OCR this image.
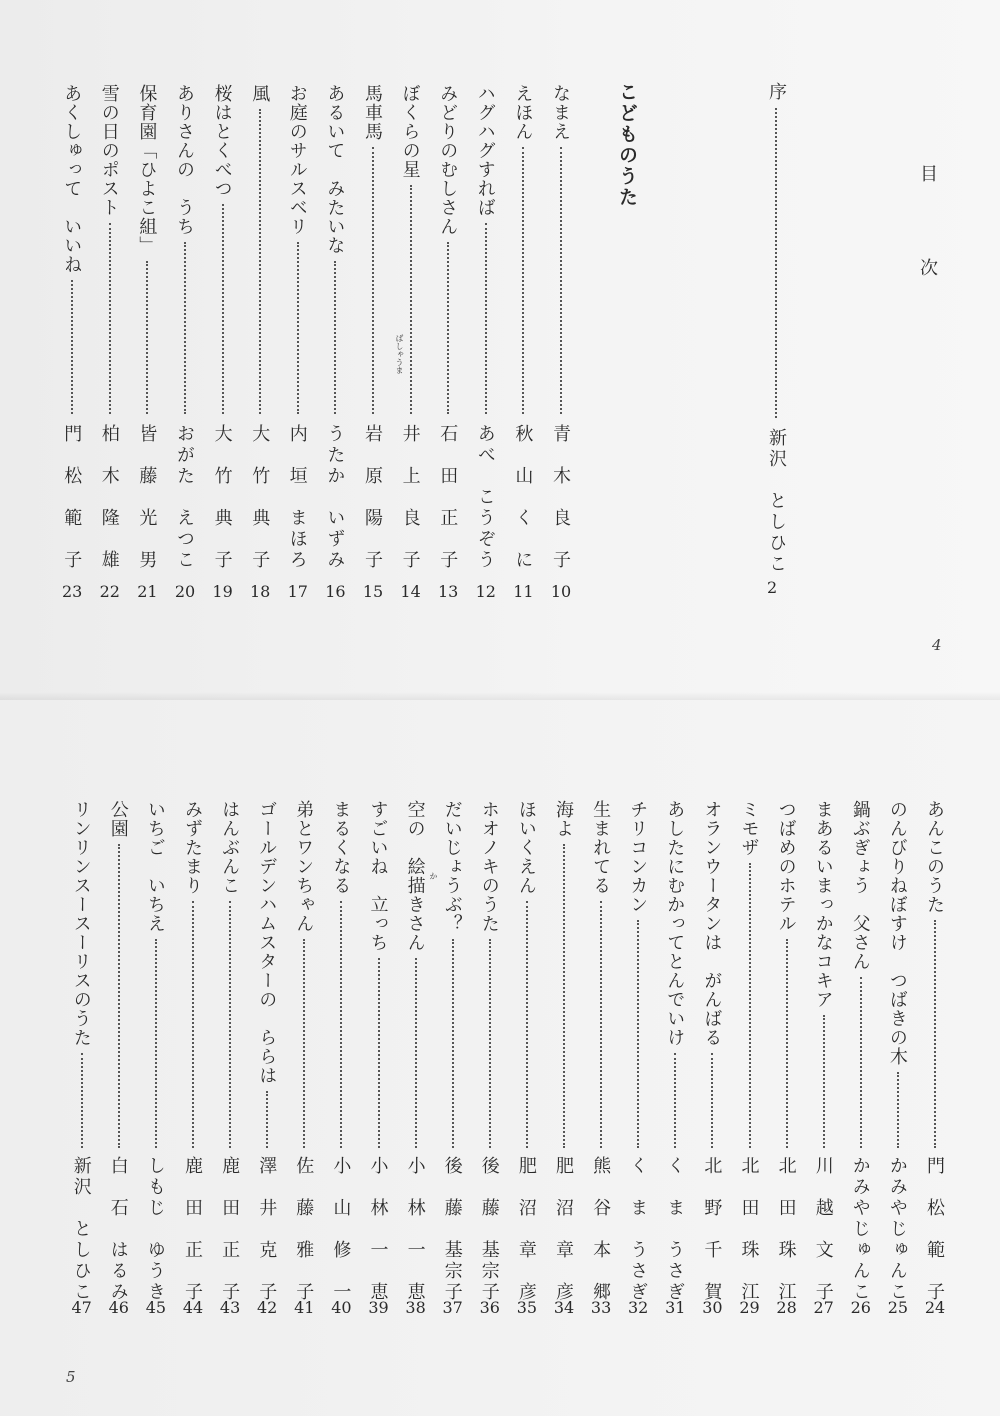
目
次
序
新沢　としひこ
2
こどものうた
なまえ
青　木　良　子
10
えほん
秋　山　く　に
11
ハグハグすれば
あべ　こうぞう
12
みどりのむしさん
石　田　正　子
13
ぼくらの星
井　上　良　子
14
馬車馬
岩　原　陽　子
15
あるいて　みたいな
うたか　いずみ
16
お庭のサルスベリ
内　垣　まほろ
17
風
大　竹　典　子
18
桜はとくべつ
大　竹　典　子
19
ありさんの　うち
おがた　えつこ
20
保育園「ひよこ組」
皆　藤　光　男
21
雪の日のポスト
柏　木　隆　雄
22
あくしゅって　いいね
門　松　範　子
23
ばしゃうま
4
あんこのうた
門　松　範　子
24
のんびりねぼすけ　つばきの木
かみやじゅんこ
25
鍋ぶぎょう　父さん
かみやじゅんこ
26
まあるいまっかなコキア
川　越　文　子
27
つばめのホテル
北　田　珠　江
28
ミモザ
北　田　珠　江
29
オランウータンは　がんばる
北　野　千　賀
30
あしたにむかってとんでいけ
く　ま　うさぎ
31
チリコンカン
く　ま　うさぎ
32
生まれてる
熊　谷　本　郷
33
海よ
肥　沼　章　彦
34
ほいくえん
肥　沼　章　彦
35
ホオノキのうた
後　藤　基宗子
36
だいじょうぶ？
後　藤　基宗子
37
空の　絵描きさん
小　林　一　恵
38
すごいね　立っち
小　林　一　恵
39
まるくなる
小　山　修　一
40
弟とワンちゃん
佐　藤　雅　子
41
ゴールデンハムスターの　ららは
澤　井　克　子
42
はんぶんこ
鹿　田　正　子
43
みずたまり
鹿　田　正　子
44
いちご　いちえ
しもじ　ゆうき
45
公園
白　石　はるみ
46
リンリンスースーリスのうた
新沢　としひこ
47
か
5
